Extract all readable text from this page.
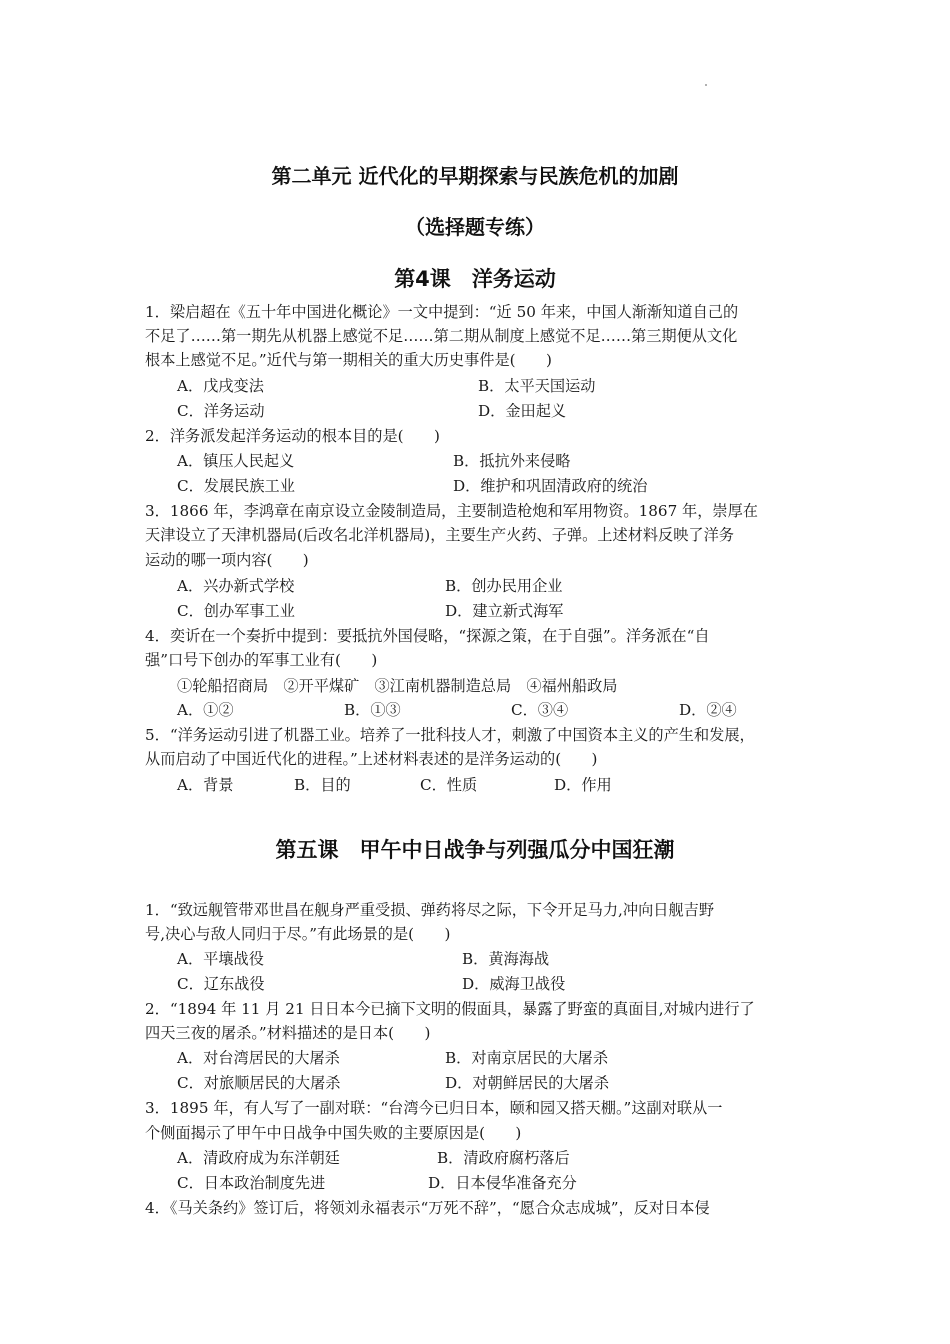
第二单元 近代化的早期探索与民族危机的加剧
（选择题专练）
第4课　洋务运动
1．梁启超在《五十年中国进化概论》一文中提到：“近 50 年来，中国人渐渐知道自己的
不足了……第一期先从机器上感觉不足……第二期从制度上感觉不足……第三期便从文化
根本上感觉不足。”近代与第一期相关的重大历史事件是(　　)
A．戊戌变法	B．太平天国运动
C．洋务运动	D．金田起义
2．洋务派发起洋务运动的根本目的是(　　)
A．镇压人民起义	B．抵抗外来侵略
C．发展民族工业	D．维护和巩固清政府的统治
3．1866 年，李鸿章在南京设立金陵制造局，主要制造枪炮和军用物资。1867 年，崇厚在
天津设立了天津机器局(后改名北洋机器局)，主要生产火药、子弹。上述材料反映了洋务
运动的哪一项内容(　　)
A．兴办新式学校	B．创办民用企业
C．创办军事工业	D．建立新式海军
4．奕䜣在一个奏折中提到：要抵抗外国侵略，“探源之策，在于自强”。洋务派在“自
强”口号下创办的军事工业有(　　)
①轮船招商局　②开平煤矿　③江南机器制造总局　④福州船政局
A．①②	B．①③	C．③④	D．②④
5．“洋务运动引进了机器工业。培养了一批科技人才，刺激了中国资本主义的产生和发展，
从而启动了中国近代化的进程。”上述材料表述的是洋务运动的(　　)
A．背景	B．目的	C．性质	D．作用
第五课　甲午中日战争与列强瓜分中国狂潮
1．“致远舰管带邓世昌在舰身严重受损、弹药将尽之际，下令开足马力,冲向日舰吉野
号,决心与敌人同归于尽。”有此场景的是(　　)
A．平壤战役	B．黄海海战
C．辽东战役	D．威海卫战役
2．“1894 年 11 月 21 日日本今已摘下文明的假面具，暴露了野蛮的真面目,对城内进行了
四天三夜的屠杀。”材料描述的是日本(　　)
A．对台湾居民的大屠杀	B．对南京居民的大屠杀
C．对旅顺居民的大屠杀	D．对朝鲜居民的大屠杀
3．1895 年，有人写了一副对联：“台湾今已归日本，颐和园又搭天棚。”这副对联从一
个侧面揭示了甲午中日战争中国失败的主要原因是(　　)
A．清政府成为东洋朝廷	B．清政府腐朽落后
C．日本政治制度先进	D．日本侵华准备充分
4．《马关条约》签订后，将领刘永福表示“万死不辞”，“愿合众志成城”，反对日本侵
